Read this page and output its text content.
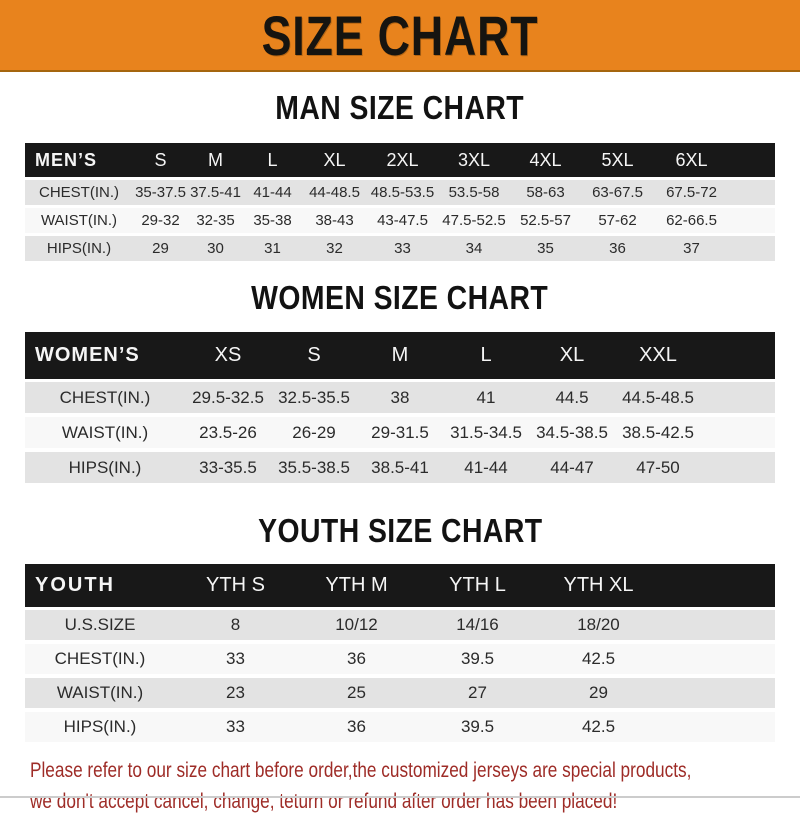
SIZE CHART
MAN SIZE CHART
MEN’S	S	M	L	XL	2XL	3XL	4XL	5XL	6XL	
CHEST(IN.)	35-37.5	37.5-41	41-44	44-48.5	48.5-53.5	53.5-58	58-63	63-67.5	67.5-72	
WAIST(IN.)	29-32	32-35	35-38	38-43	43-47.5	47.5-52.5	52.5-57	57-62	62-66.5	
HIPS(IN.)	29	30	31	32	33	34	35	36	37	
WOMEN SIZE CHART
WOMEN’S	XS	S	M	L	XL	XXL	
CHEST(IN.)	29.5-32.5	32.5-35.5	38	41	44.5	44.5-48.5	
WAIST(IN.)	23.5-26	26-29	29-31.5	31.5-34.5	34.5-38.5	38.5-42.5	
HIPS(IN.)	33-35.5	35.5-38.5	38.5-41	41-44	44-47	47-50	
YOUTH SIZE CHART
YOUTH	YTH S	YTH M	YTH L	YTH XL	
U.S.SIZE	8	10/12	14/16	18/20	
CHEST(IN.)	33	36	39.5	42.5	
WAIST(IN.)	23	25	27	29	
HIPS(IN.)	33	36	39.5	42.5	
Please refer to our size chart before order,the customized jerseys are special products,
we don't accept cancel, change, teturn or refund after order has been placed!
